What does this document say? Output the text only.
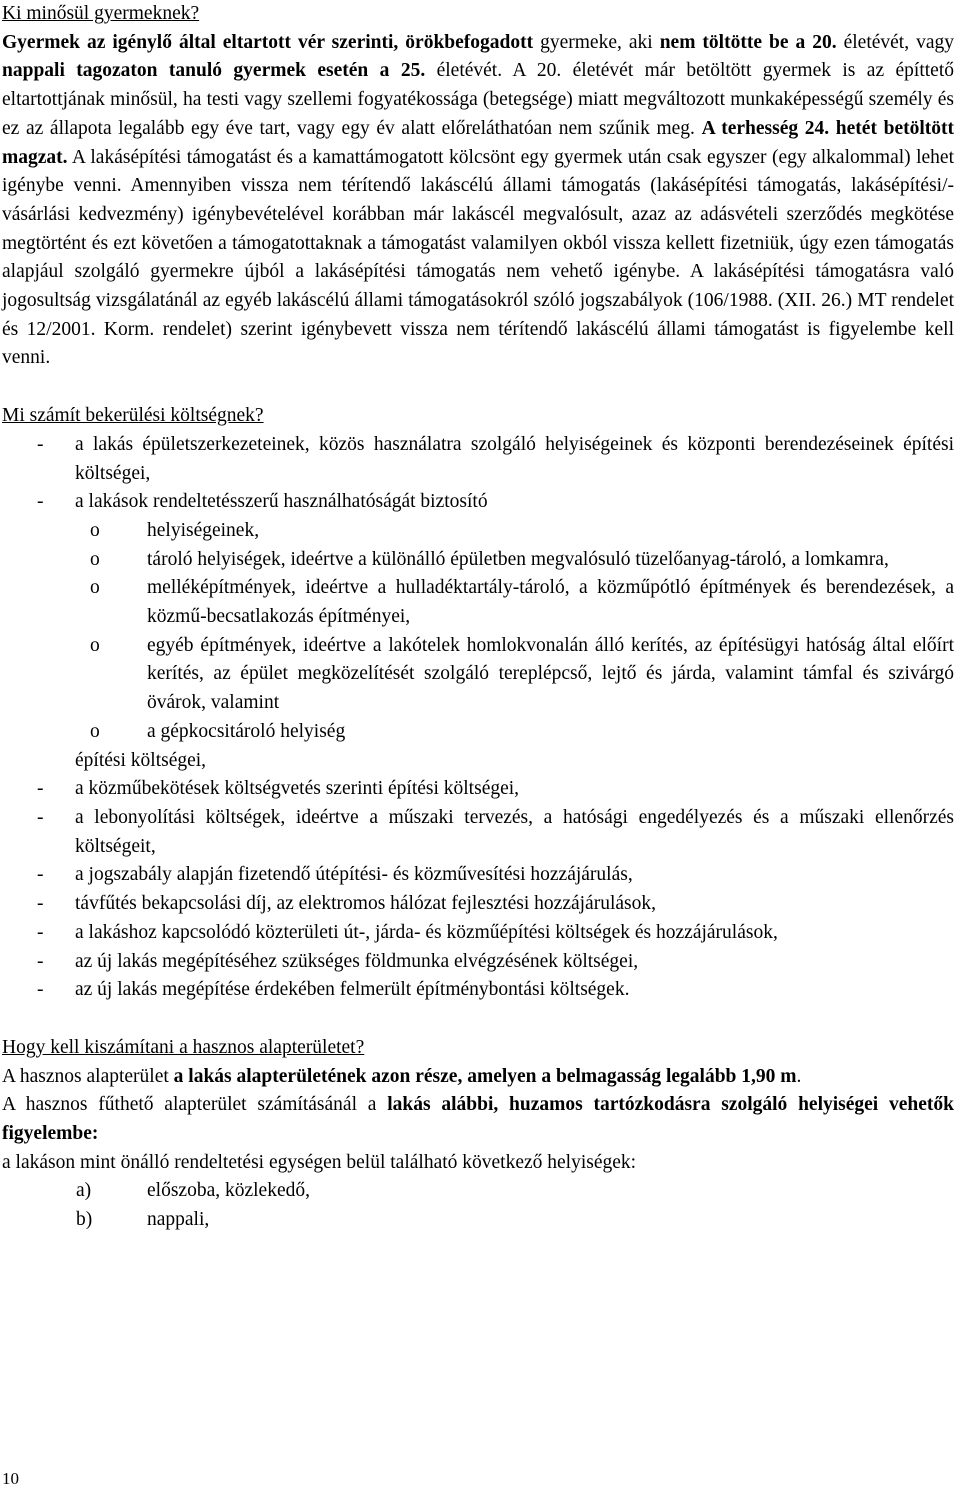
Ki minősül gyermeknek?

Gyermek az igénylő által eltartott vér szerinti, örökbefogadott gyermeke, aki nem töltötte be a 20. életévét, vagy nappali tagozaton tanuló gyermek esetén a 25. életévét. A 20. életévét már betöltött gyermek is az építtető eltartottjának minősül, ha testi vagy szellemi fogyatékossága (betegsége) miatt megváltozott munkaképességű személy és ez az állapota legalább egy éve tart, vagy egy év alatt előreláthatóan nem szűnik meg. A terhesség 24. hetét betöltött magzat. A lakásépítési támogatást és a kamattámogatott kölcsönt egy gyermek után csak egyszer (egy alkalommal) lehet igénybe venni. Amennyiben vissza nem térítendő lakáscélú állami támogatás (lakásépítési támogatás, lakásépítési/-vásárlási kedvezmény) igénybevételével korábban már lakáscél megvalósult, azaz az adásvételi szerződés megkötése megtörtént és ezt követően a támogatottaknak a támogatást valamilyen okból vissza kellett fizetniük, úgy ezen támogatás alapjául szolgáló gyermekre újból a lakásépítési támogatás nem vehető igénybe. A lakásépítési támogatásra való jogosultság vizsgálatánál az egyéb lakáscélú állami támogatásokról szóló jogszabályok (106/1988. (XII. 26.) MT rendelet és 12/2001. Korm. rendelet) szerint igénybevett vissza nem térítendő lakáscélú állami támogatást is figyelembe kell venni.

Mi számít bekerülési költségnek?

-	a lakás épületszerkezeteinek, közös használatra szolgáló helyiségeinek és központi berendezéseinek építési költségei,
-	a lakások rendeltetésszerű használhatóságát biztosító
o	helyiségeinek,
o	tároló helyiségek, ideértve a különálló épületben megvalósuló tüzelőanyag-tároló, a lomkamra,
o	melléképítmények, ideértve a hulladéktartály-tároló, a közműpótló építmények és berendezések, a közmű-becsatlakozás építményei,
o	egyéb építmények, ideértve a lakótelek homlokvonalán álló kerítés, az építésügyi hatóság által előírt kerítés, az épület megközelítését szolgáló tereplépcső, lejtő és járda, valamint támfal és szivárgó övárok, valamint
o	a gépkocsitároló helyiség
építési költségei,
-	a közműbekötések költségvetés szerinti építési költségei,
-	a lebonyolítási költségek, ideértve a műszaki tervezés, a hatósági engedélyezés és a műszaki ellenőrzés költségeit,
-	a jogszabály alapján fizetendő útépítési- és közművesítési hozzájárulás,
-	távfűtés bekapcsolási díj, az elektromos hálózat fejlesztési hozzájárulások,
-	a lakáshoz kapcsolódó közterületi út-, járda- és közműépítési költségek és hozzájárulások,
-	az új lakás megépítéséhez szükséges földmunka elvégzésének költségei,
-	az új lakás megépítése érdekében felmerült építménybontási költségek.

Hogy kell kiszámítani a hasznos alapterületet?

A hasznos alapterület a lakás alapterületének azon része, amelyen a belmagasság legalább 1,90 m.

A hasznos fűthető alapterület számításánál a lakás alábbi, huzamos tartózkodásra szolgáló helyiségei vehetők figyelembe:

a lakáson mint önálló rendeltetési egységen belül található következő helyiségek:

a)	előszoba, közlekedő,
b)	nappali,
10
